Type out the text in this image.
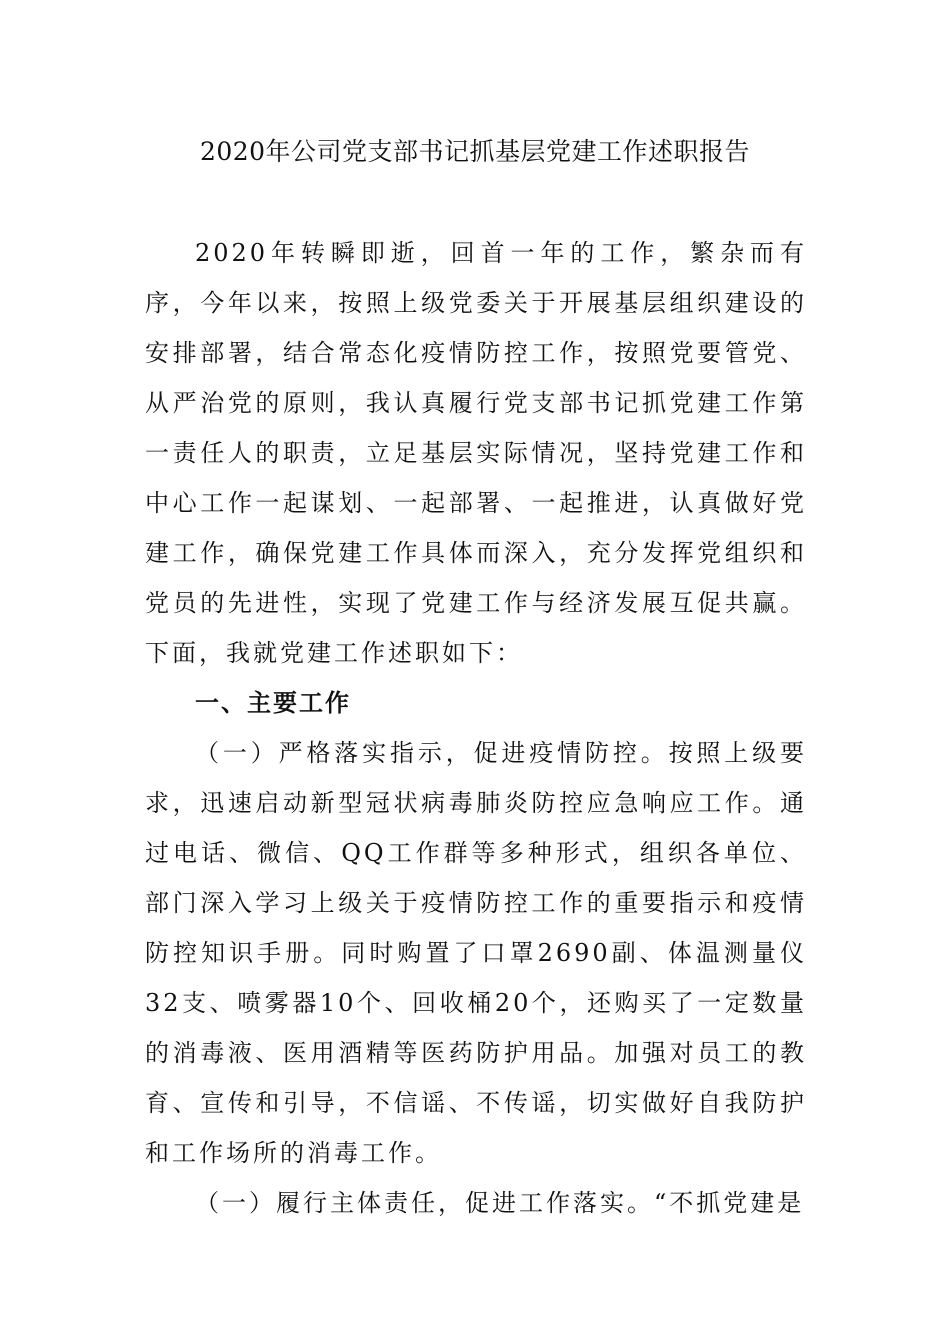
2020年公司党支部书记抓基层党建工作述职报告

2020年转瞬即逝，回首一年的工作，繁杂而有序，今年以来，按照上级党委关于开展基层组织建设的安排部署，结合常态化疫情防控工作，按照党要管党、从严治党的原则，我认真履行党支部书记抓党建工作第一责任人的职责，立足基层实际情况，坚持党建工作和中心工作一起谋划、一起部署、一起推进，认真做好党建工作，确保党建工作具体而深入，充分发挥党组织和党员的先进性，实现了党建工作与经济发展互促共赢。下面，我就党建工作述职如下：

一、主要工作

（一）严格落实指示，促进疫情防控。按照上级要求，迅速启动新型冠状病毒肺炎防控应急响应工作。通过电话、微信、QQ工作群等多种形式，组织各单位、部门深入学习上级关于疫情防控工作的重要指示和疫情防控知识手册。同时购置了口罩2690副、体温测量仪32支、喷雾器10个、回收桶20个，还购买了一定数量的消毒液、医用酒精等医药防护用品。加强对员工的教育、宣传和引导，不信谣、不传谣，切实做好自我防护和工作场所的消毒工作。

（一）履行主体责任，促进工作落实。“不抓党建是
